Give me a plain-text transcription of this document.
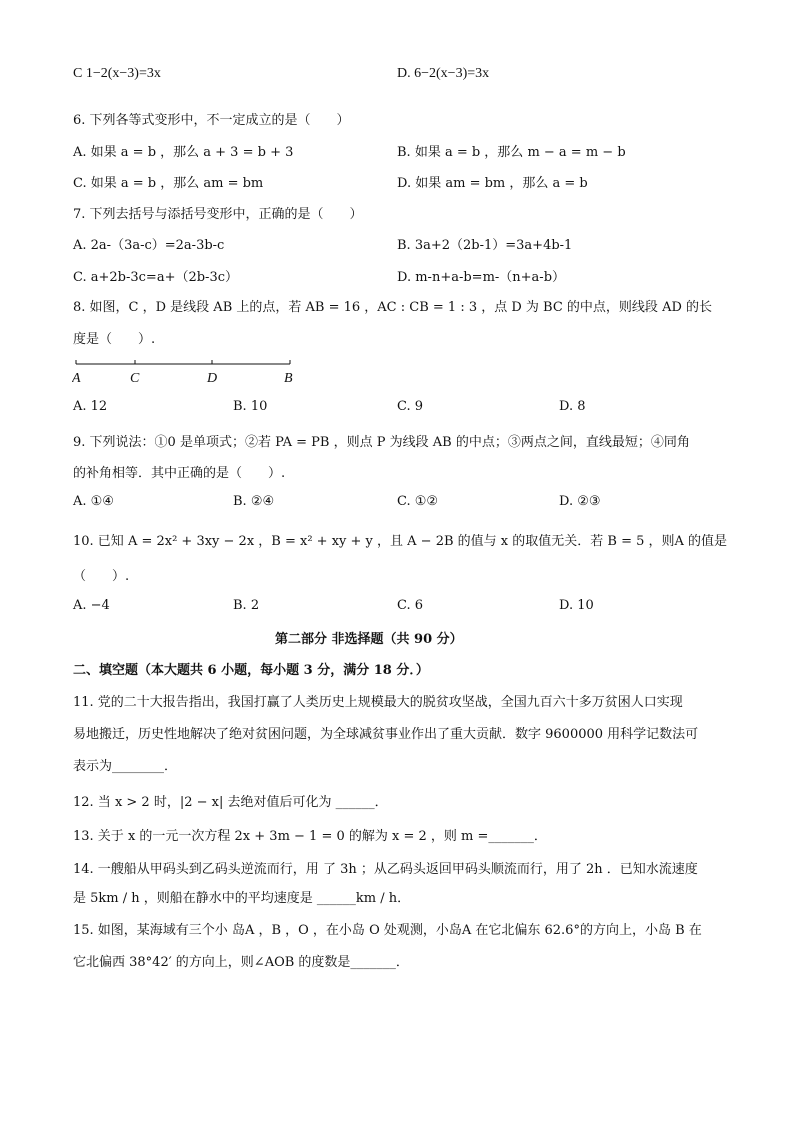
C 1−2(x−3)=3x	D. 6−2(x−3)=3x
6. 下列各等式变形中，不一定成立的是（　　）
A. 如果 a = b ，那么 a + 3 = b + 3	B. 如果 a = b ，那么 m − a = m − b
C. 如果 a = b ，那么 am = bm	D. 如果 am = bm ，那么 a = b
7. 下列去括号与添括号变形中，正确的是（　　）
A. 2a-（3a-c）=2a-3b-c	B. 3a+2（2b-1）=3a+4b-1
C. a+2b-3c=a+（2b-3c）	D. m-n+a-b=m-（n+a-b）
8. 如图，C ，D 是线段 AB 上的点，若 AB = 16 ，AC : CB = 1 : 3 ，点 D 为 BC 的中点，则线段 AD 的长
度是（　　）.
A. 12	B. 10	C. 9	D. 8
9. 下列说法：①0 是单项式；②若 PA = PB ，则点 P 为线段 AB 的中点；③两点之间，直线最短；④同角
的补角相等．其中正确的是（　　）.
A. ①④	B. ②④	C. ①②	D. ②③
10. 已知 A = 2x² + 3xy − 2x ，B = x² + xy + y ，且 A − 2B 的值与 x 的取值无关．若 B = 5 ，则A 的值是
（　　）.
A. −4	B. 2	C. 6	D. 10
第二部分 非选择题（共 90 分）
二、填空题（本大题共 6 小题，每小题 3 分，满分 18 分．）
11. 党的二十大报告指出，我国打赢了人类历史上规模最大的脱贫攻坚战，全国九百六十多万贫困人口实现
易地搬迁，历史性地解决了绝对贫困问题，为全球减贫事业作出了重大贡献．数字 9600000 用科学记数法可
表示为________．
12. 当 x > 2 时，|2 − x| 去绝对值后可化为 ______．
13. 关于 x 的一元一次方程 2x + 3m − 1 = 0 的解为 x = 2 ，则 m =_______．
14. 一艘船从甲码头到乙码头逆流而行，用 了 3h ；从乙码头返回甲码头顺流而行，用了 2h ．已知水流速度
是 5km / h ，则船在静水中的平均速度是 ______km / h．
15. 如图，某海域有三个小 岛A ，B ，O ，在小岛 O 处观测，小岛A 在它北偏东 62.6°的方向上，小岛 B 在
它北偏西 38°42′ 的方向上，则∠AOB 的度数是_______．
A	C	D	B
